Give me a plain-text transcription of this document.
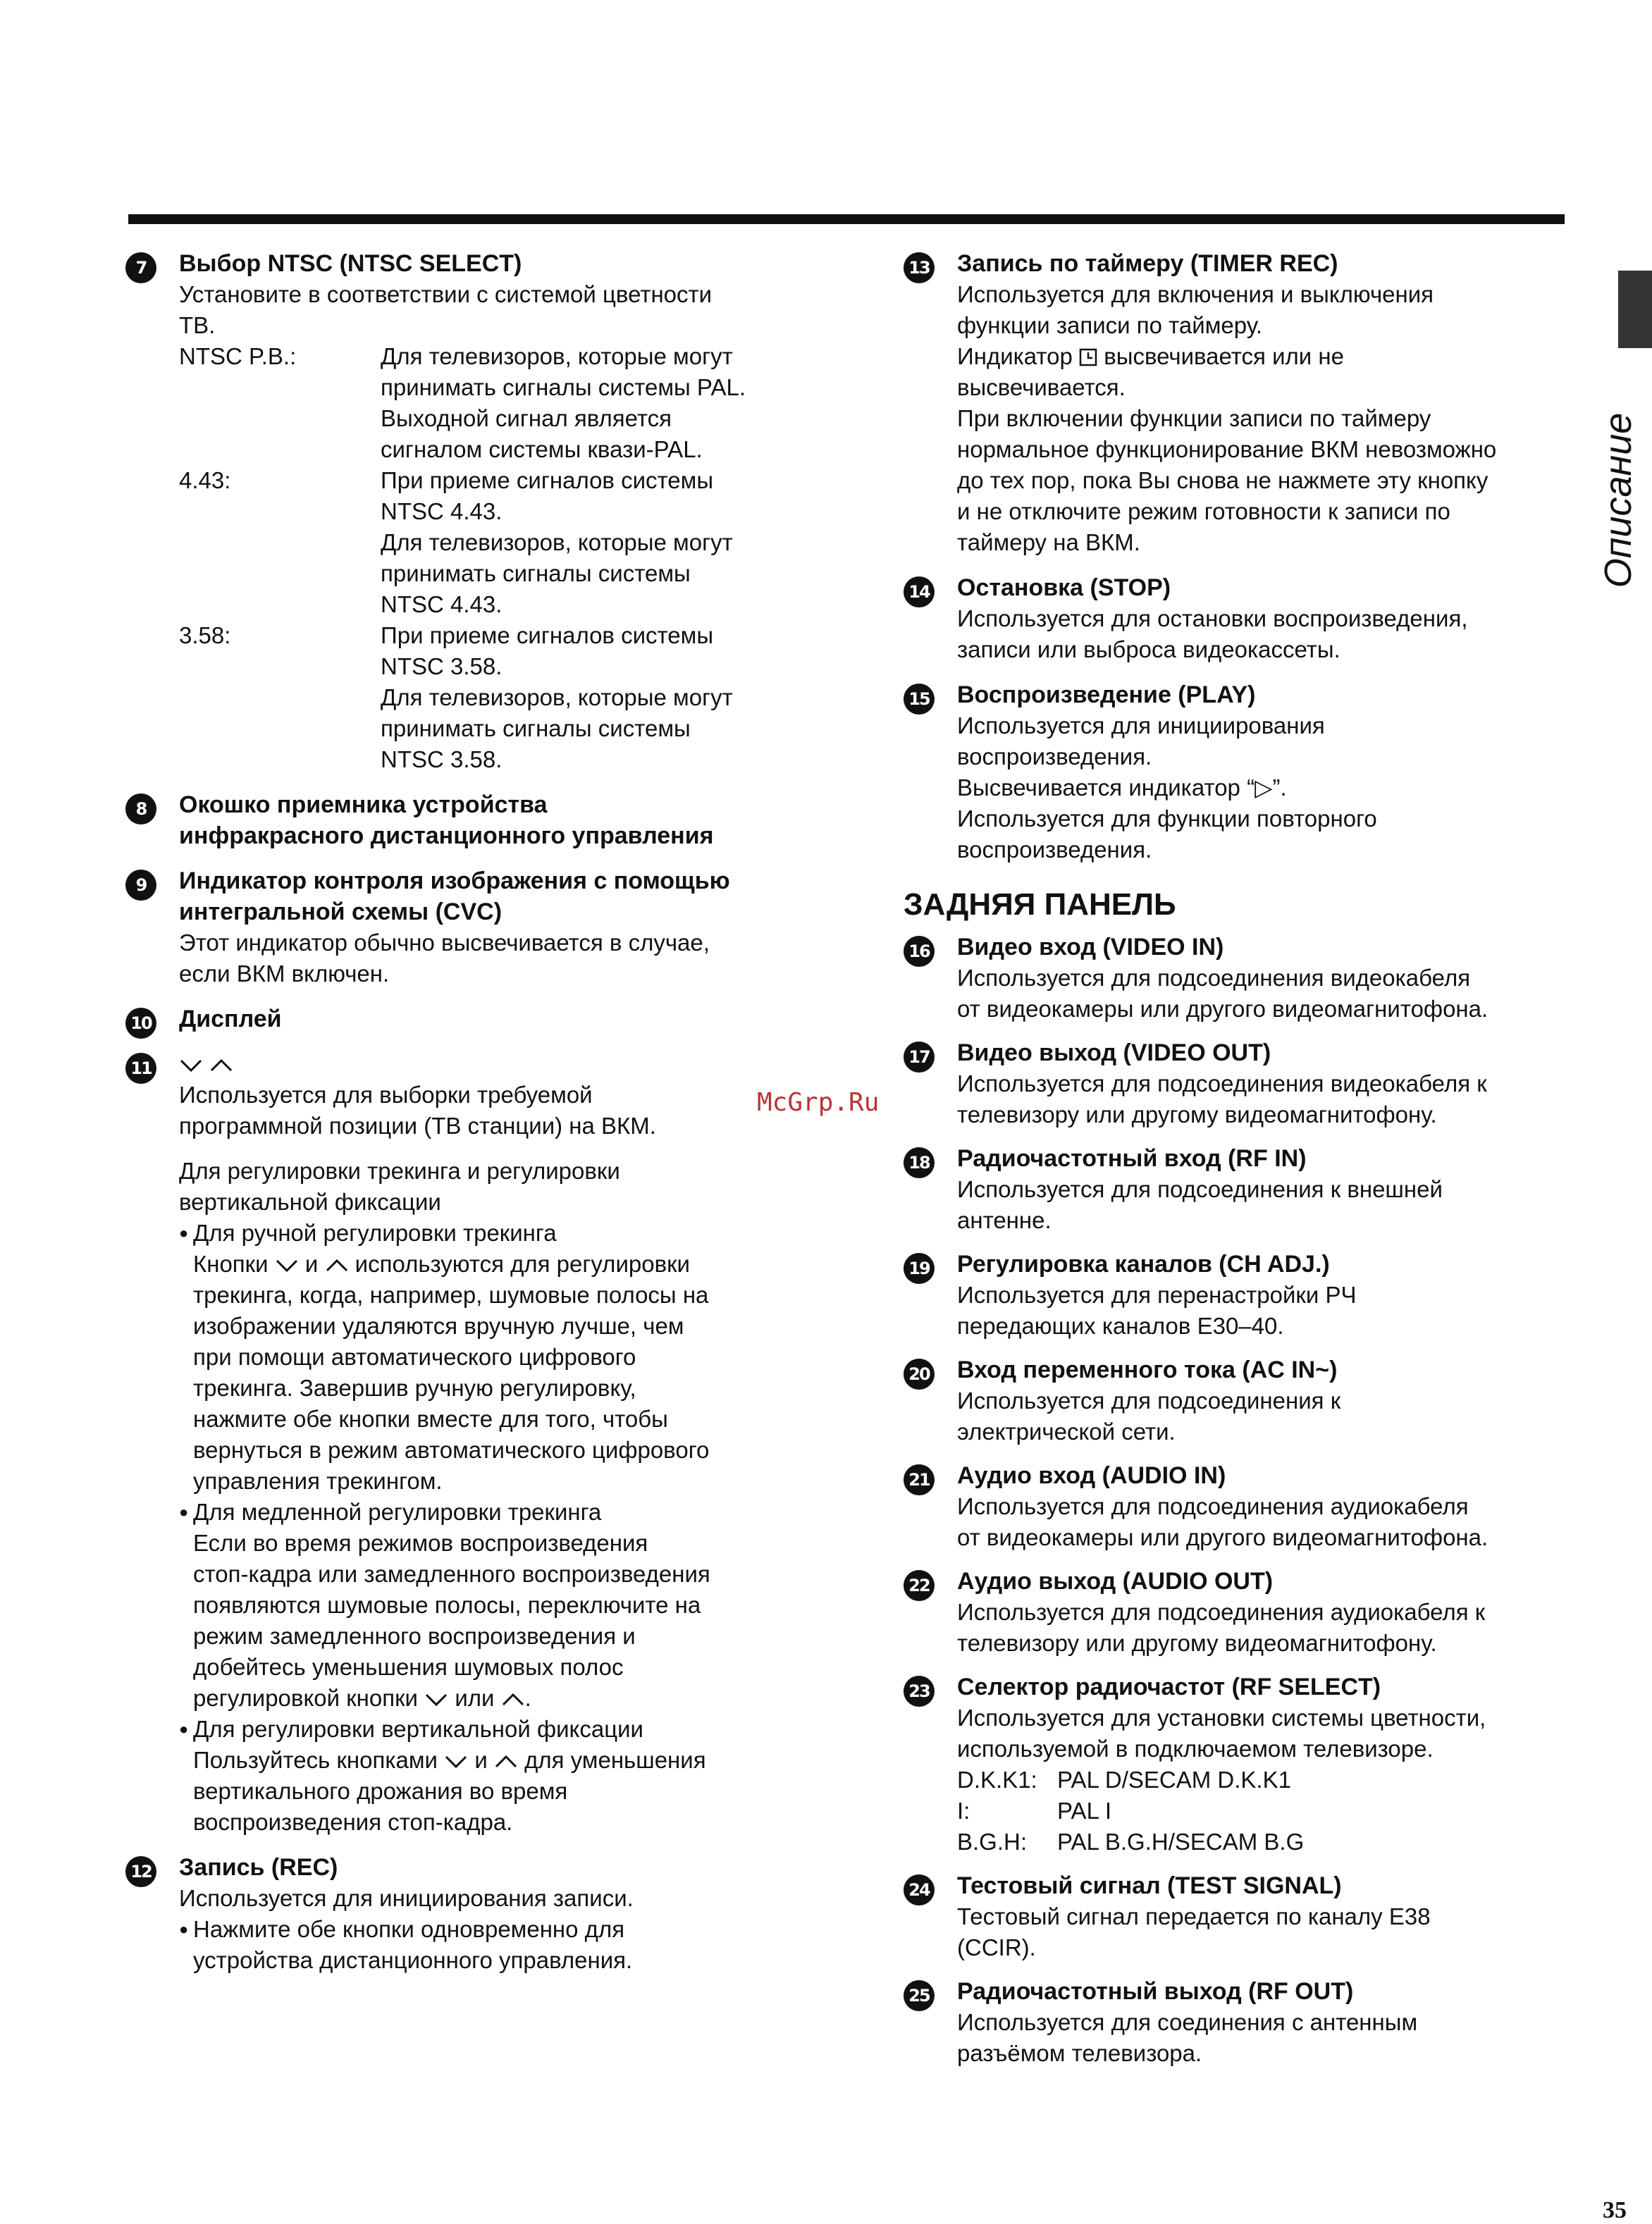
Описание
McGrp.Ru
7	Выбор NTSC (NTSC SELECT)
Установите в соответствии с системой цветности
ТВ.
NTSC P.B.:	Для телевизоров, которые могут
принимать сигналы системы PAL.
Выходной сигнал является
сигналом системы квази-PAL.
4.43:	При приеме сигналов системы
NTSC 4.43.
Для телевизоров, которые могут
принимать сигналы системы
NTSC 4.43.
3.58:	При приеме сигналов системы
NTSC 3.58.
Для телевизоров, которые могут
принимать сигналы системы
NTSC 3.58.
8	Окошко приемника устройства
инфракрасного дистанционного управления
9	Индикатор контроля изображения с помощью
интегральной схемы (CVC)
Этот индикатор обычно высвечивается в случае,
если ВКМ включен.
10 Дисплей
11

Используется для выборки требуемой
программной позиции (ТВ станции) на ВКМ.
Для регулировки трекинга и регулировки
вертикальной фиксации
● Для ручной регулировки трекинга
Кнопки и используются для регулировки
трекинга, когда, например, шумовые полосы на
изображении удаляются вручную лучше, чем
при помощи автоматического цифрового
трекинга. Завершив ручную регулировку,
нажмите обе кнопки вместе для того, чтобы
вернуться в режим автоматического цифрового
управления трекингом.
● Для медленной регулировки трекинга
Если во время режимов воспроизведения
стоп-кадра или замедленного воспроизведения
появляются шумовые полосы, переключите на
режим замедленного воспроизведения и
добейтесь уменьшения шумовых полос
регулировкой кнопки или .
● Для регулировки вертикальной фиксации
Пользуйтесь кнопками и для уменьшения
вертикального дрожания во время
воспроизведения стоп-кадра.
12 Запись (REC)
Используется для инициирования записи.
● Нажмите обе кнопки одновременно для
устройства дистанционного управления.
13 Запись по таймеру (TIMER REC)
Используется для включения и выключения
функции записи по таймеру.
Индикатор высвечивается или не
высвечивается.
При включении функции записи по таймеру
нормальное функционирование ВКМ невозможно
до тех пор, пока Вы снова не нажмете эту кнопку
и не отключите режим готовности к записи по
таймеру на ВКМ.
14 Остановка (STOP)
Используется для остановки воспроизведения,
записи или выброса видеокассеты.
15 Воспроизведение (PLAY)
Используется для инициирования
воспроизведения.
Высвечивается индикатор “▷”.
Используется для функции повторного
воспроизведения.
ЗАДНЯЯ ПАНЕЛЬ
16 Видео вход (VIDEO IN)
Используется для подсоединения видеокабеля
от видеокамеры или другого видеомагнитофона.
17 Видео выход (VIDEO OUT)
Используется для подсоединения видеокабеля к
телевизору или другому видеомагнитофону.
18 Радиочастотный вход (RF IN)
Используется для подсоединения к внешней
антенне.
19 Регулировка каналов (CH ADJ.)
Используется для перенастройки РЧ
передающих каналов E30–40.
20 Вход переменного тока (AC IN~)
Используется для подсоединения к
электрической сети.
21 Аудио вход (AUDIO IN)
Используется для подсоединения аудиокабеля
от видеокамеры или другого видеомагнитофона.
22 Аудио выход (AUDIO OUT)
Используется для подсоединения аудиокабеля к
телевизору или другому видеомагнитофону.
23 Селектор радиочастот (RF SELECT)
Используется для установки системы цветности,
используемой в подключаемом телевизоре.
D.K.K1: PAL D/SECAM D.K.K1
I:	PAL I
B.G.H:	PAL B.G.H/SECAM B.G
24 Тестовый сигнал (TEST SIGNAL)
Тестовый сигнал передается по каналу E38
(CCIR).
25 Радиочастотный выход (RF OUT)
Используется для соединения с антенным
разъёмом телевизора.
35
